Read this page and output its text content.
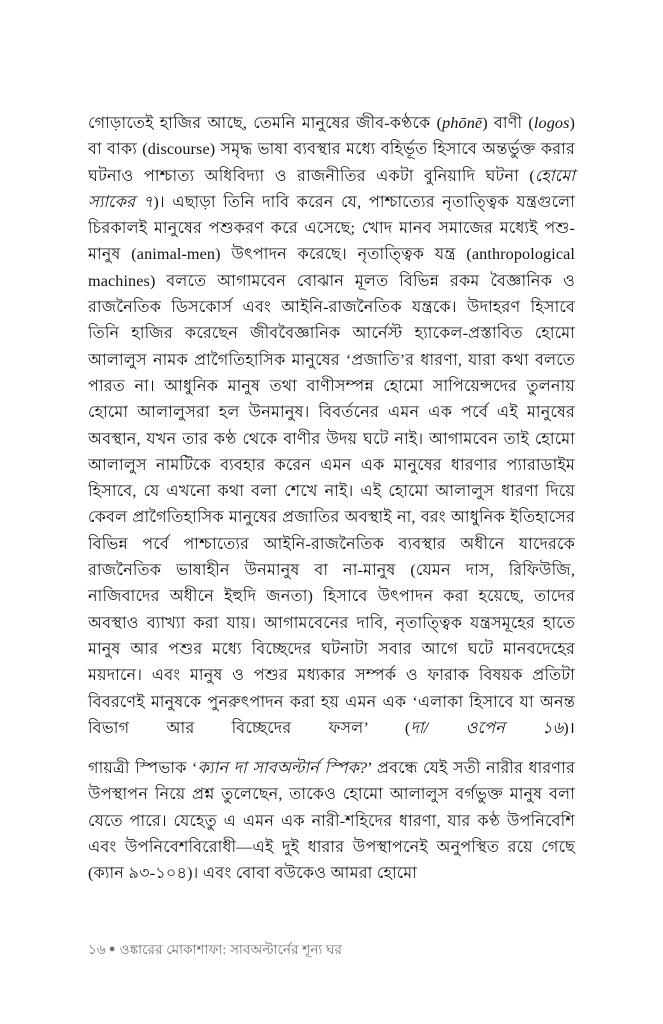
গোড়াতেই হাজির আছে, তেমনি মানুষের জীব-কণ্ঠকে (phōnē) বাণী (logos) বা বাক্য (discourse) সমৃদ্ধ ভাষা ব্যবস্থার মধ্যে বহির্ভূত হিসাবে অন্তর্ভুক্ত করার ঘটনাও পাশ্চাত্য অধিবিদ্যা ও রাজনীতির একটা বুনিয়াদি ঘটনা (হোমো স্যাকের ৭)। এছাড়া তিনি দাবি করেন যে, পাশ্চাত্যের নৃতাত্ত্বিক যন্ত্রগুলো চিরকালই মানুষের পশুকরণ করে এসেছে; খোদ মানব সমাজের মধ্যেই পশু-মানুষ (animal-men) উৎপাদন করেছে। নৃতাত্ত্বিক যন্ত্র (anthropological machines) বলতে আগামবেন বোঝান মূলত বিভিন্ন রকম বৈজ্ঞানিক ও রাজনৈতিক ডিসকোর্স এবং আইনি-রাজনৈতিক যন্ত্রকে। উদাহরণ হিসাবে তিনি হাজির করেছেন জীববৈজ্ঞানিক আর্নেস্ট হ্যাকেল-প্রস্তাবিত হোমো আলালুস নামক প্রাগৈতিহাসিক মানুষের ‘প্রজাতি’র ধারণা, যারা কথা বলতে পারত না। আধুনিক মানুষ তথা বাণীসম্পন্ন হোমো সাপিয়েন্সদের তুলনায় হোমো আলালুসরা হল উনমানুষ। বিবর্তনের এমন এক পর্বে এই মানুষের অবস্থান, যখন তার কণ্ঠ থেকে বাণীর উদয় ঘটে নাই। আগামবেন তাই হোমো আলালুস নামটিকে ব্যবহার করেন এমন এক মানুষের ধারণার প্যারাডাইম হিসাবে, যে এখনো কথা বলা শেখে নাই। এই হোমো আলালুস ধারণা দিয়ে কেবল প্রাগৈতিহাসিক মানুষের প্রজাতির অবস্থাই না, বরং আধুনিক ইতিহাসের বিভিন্ন পর্বে পাশ্চাত্যের আইনি-রাজনৈতিক ব্যবস্থার অধীনে যাদেরকে রাজনৈতিক ভাষাহীন উনমানুষ বা না-মানুষ (যেমন দাস, রিফিউজি, নাজিবাদের অধীনে ইহুদি জনতা) হিসাবে উৎপাদন করা হয়েছে, তাদের অবস্থাও ব্যাখ্যা করা যায়। আগামবেনের দাবি, নৃতাত্ত্বিক যন্ত্রসমূহের হাতে মানুষ আর পশুর মধ্যে বিচ্ছেদের ঘটনাটা সবার আগে ঘটে মানবদেহের ময়দানে। এবং মানুষ ও পশুর মধ্যকার সম্পর্ক ও ফারাক বিষয়ক প্রতিটা বিবরণেই মানুষকে পুনরুৎপাদন করা হয় এমন এক ‘এলাকা হিসাবে যা অনন্ত বিভাগ আর বিচ্ছেদের ফসল’ (দা/ ওপেন ১৬)।

গায়ত্রী স্পিভাক ‘ক্যান দা সাবঅল্টার্ন স্পিক?’ প্রবন্ধে যেই সতী নারীর ধারণার উপস্থাপন নিয়ে প্রশ্ন তুলেছেন, তাকেও হোমো আলালুস বর্গভুক্ত মানুষ বলা যেতে পারে। যেহেতু এ এমন এক নারী-শহিদের ধারণা, যার কণ্ঠ উপনিবেশি এবং উপনিবেশবিরোধী—এই দুই ধারার উপস্থাপনেই অনুপস্থিত রয়ে গেছে (ক্যান ৯৩-১০৪)। এবং বোবা বউকেও আমরা হোমো

১৬ ● ওঙ্কারের মোকাশাফা: সাবঅল্টার্নের শূন্য ঘর
